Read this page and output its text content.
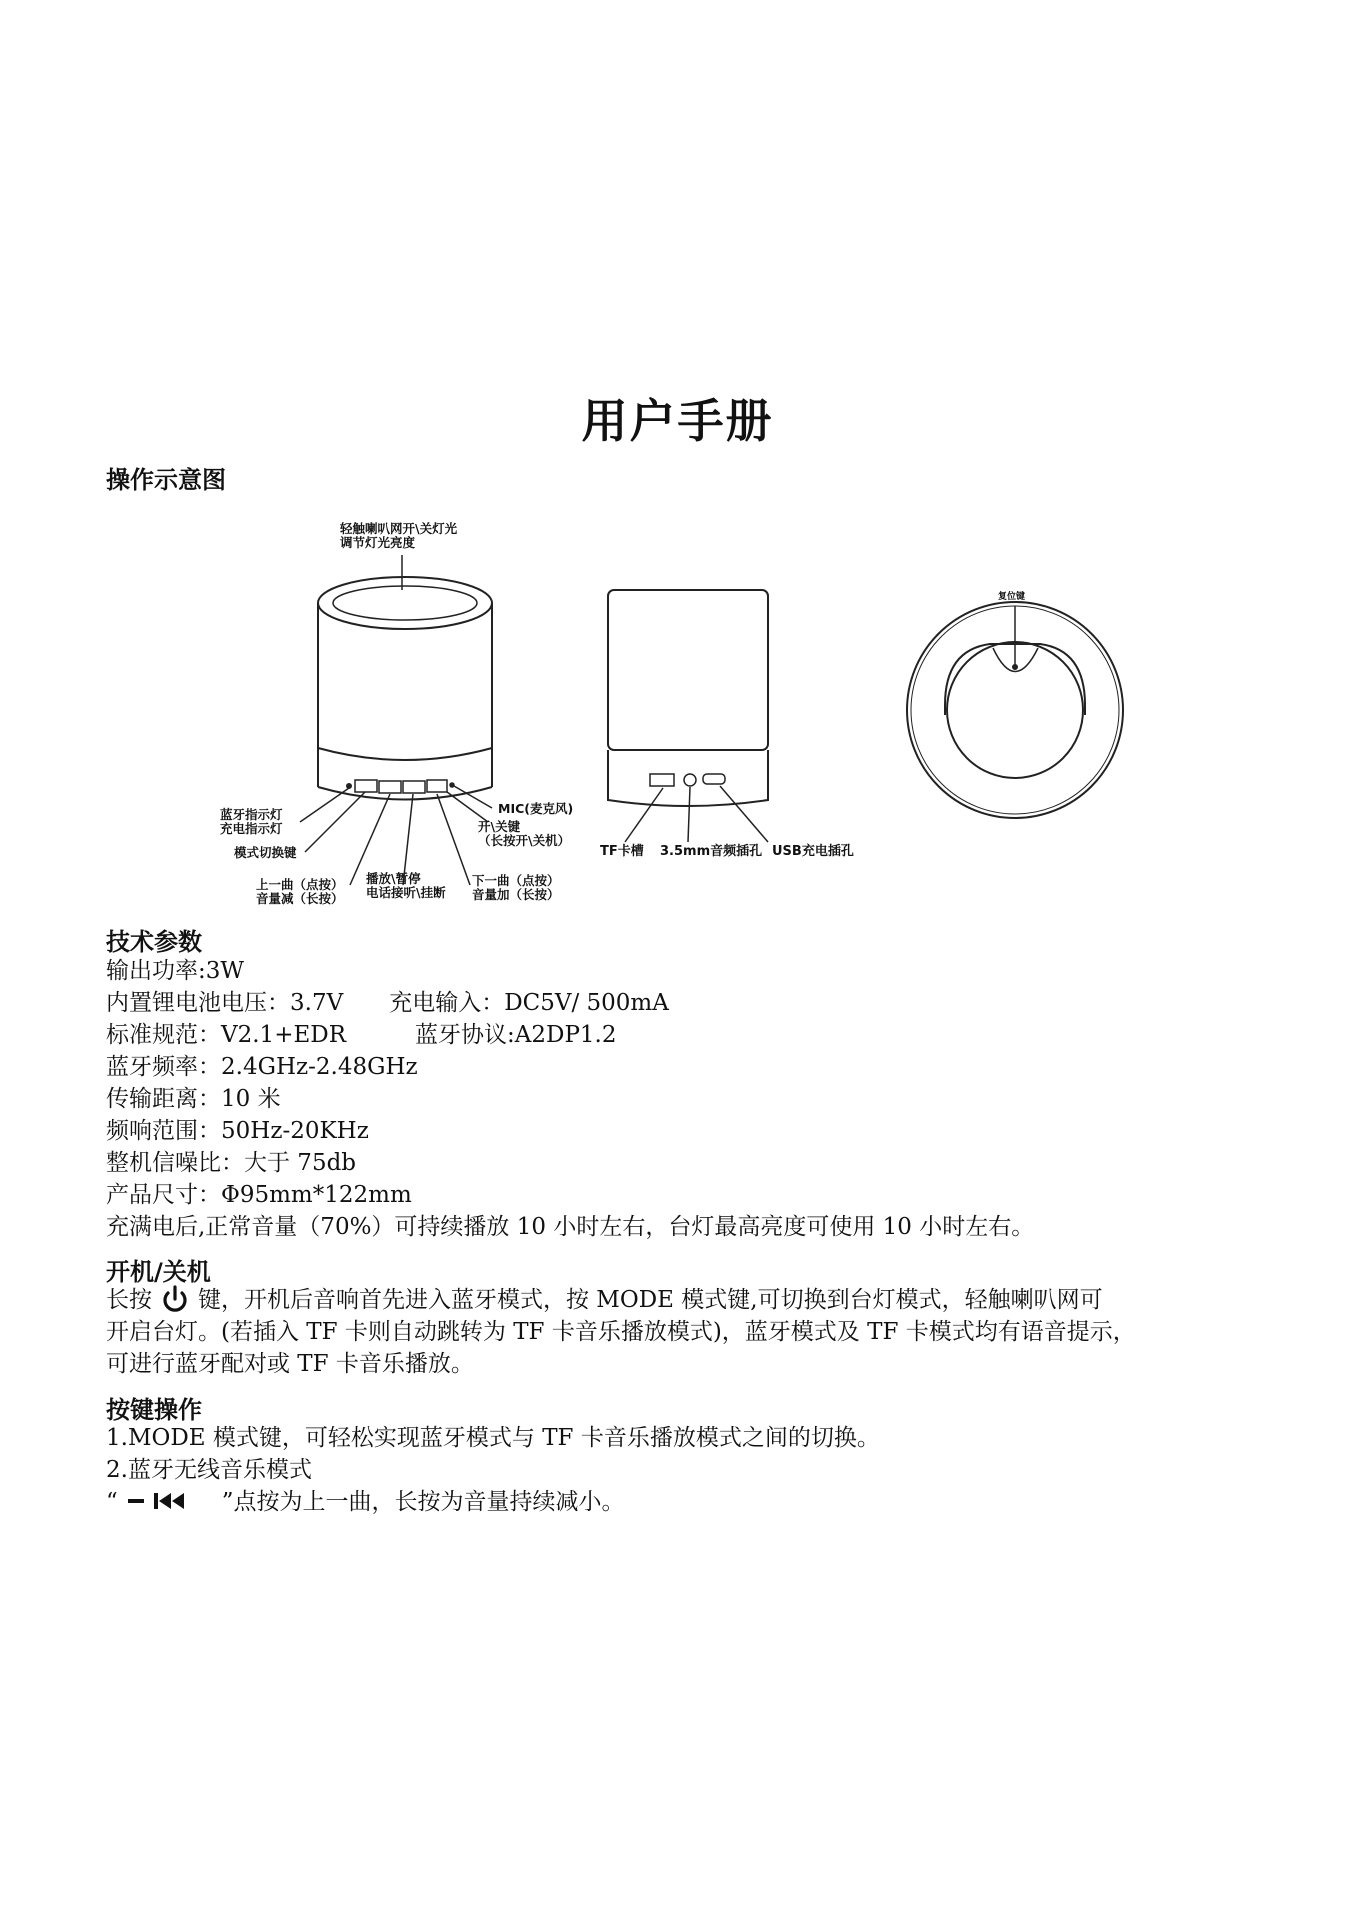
用户手册
操作示意图
轻触喇叭网开\关灯光
调节灯光亮度
蓝牙指示灯
充电指示灯
模式切换键
上一曲（点按）
音量减（长按）
播放\暂停
电话接听\挂断
下一曲（点按）
音量加（长按）
开\关键
（长按开\关机）
MIC(麦克风)
TF卡槽 3.5mm音频插孔 USB充电插孔
复位键
技术参数
输出功率:3W
内置锂电池电压：3.7V　　充电输入：DC5V/ 500mA
标准规范：V2.1+EDR　　　蓝牙协议:A2DP1.2
蓝牙频率：2.4GHz-2.48GHz
传输距离：10 米
频响范围：50Hz-20KHz
整机信噪比：大于 75db
产品尺寸：Φ95mm*122mm
充满电后,正常音量（70%）可持续播放 10 小时左右，台灯最高亮度可使用 10 小时左右。
开机/关机
长按 键，开机后音响首先进入蓝牙模式，按 MODE 模式键,可切换到台灯模式，轻触喇叭网可
开启台灯。(若插入 TF 卡则自动跳转为 TF 卡音乐播放模式)，蓝牙模式及 TF 卡模式均有语音提示，
可进行蓝牙配对或 TF 卡音乐播放。
按键操作
1.MODE 模式键，可轻松实现蓝牙模式与 TF 卡音乐播放模式之间的切换。
2.蓝牙无线音乐模式
“	”点按为上一曲，长按为音量持续减小。
